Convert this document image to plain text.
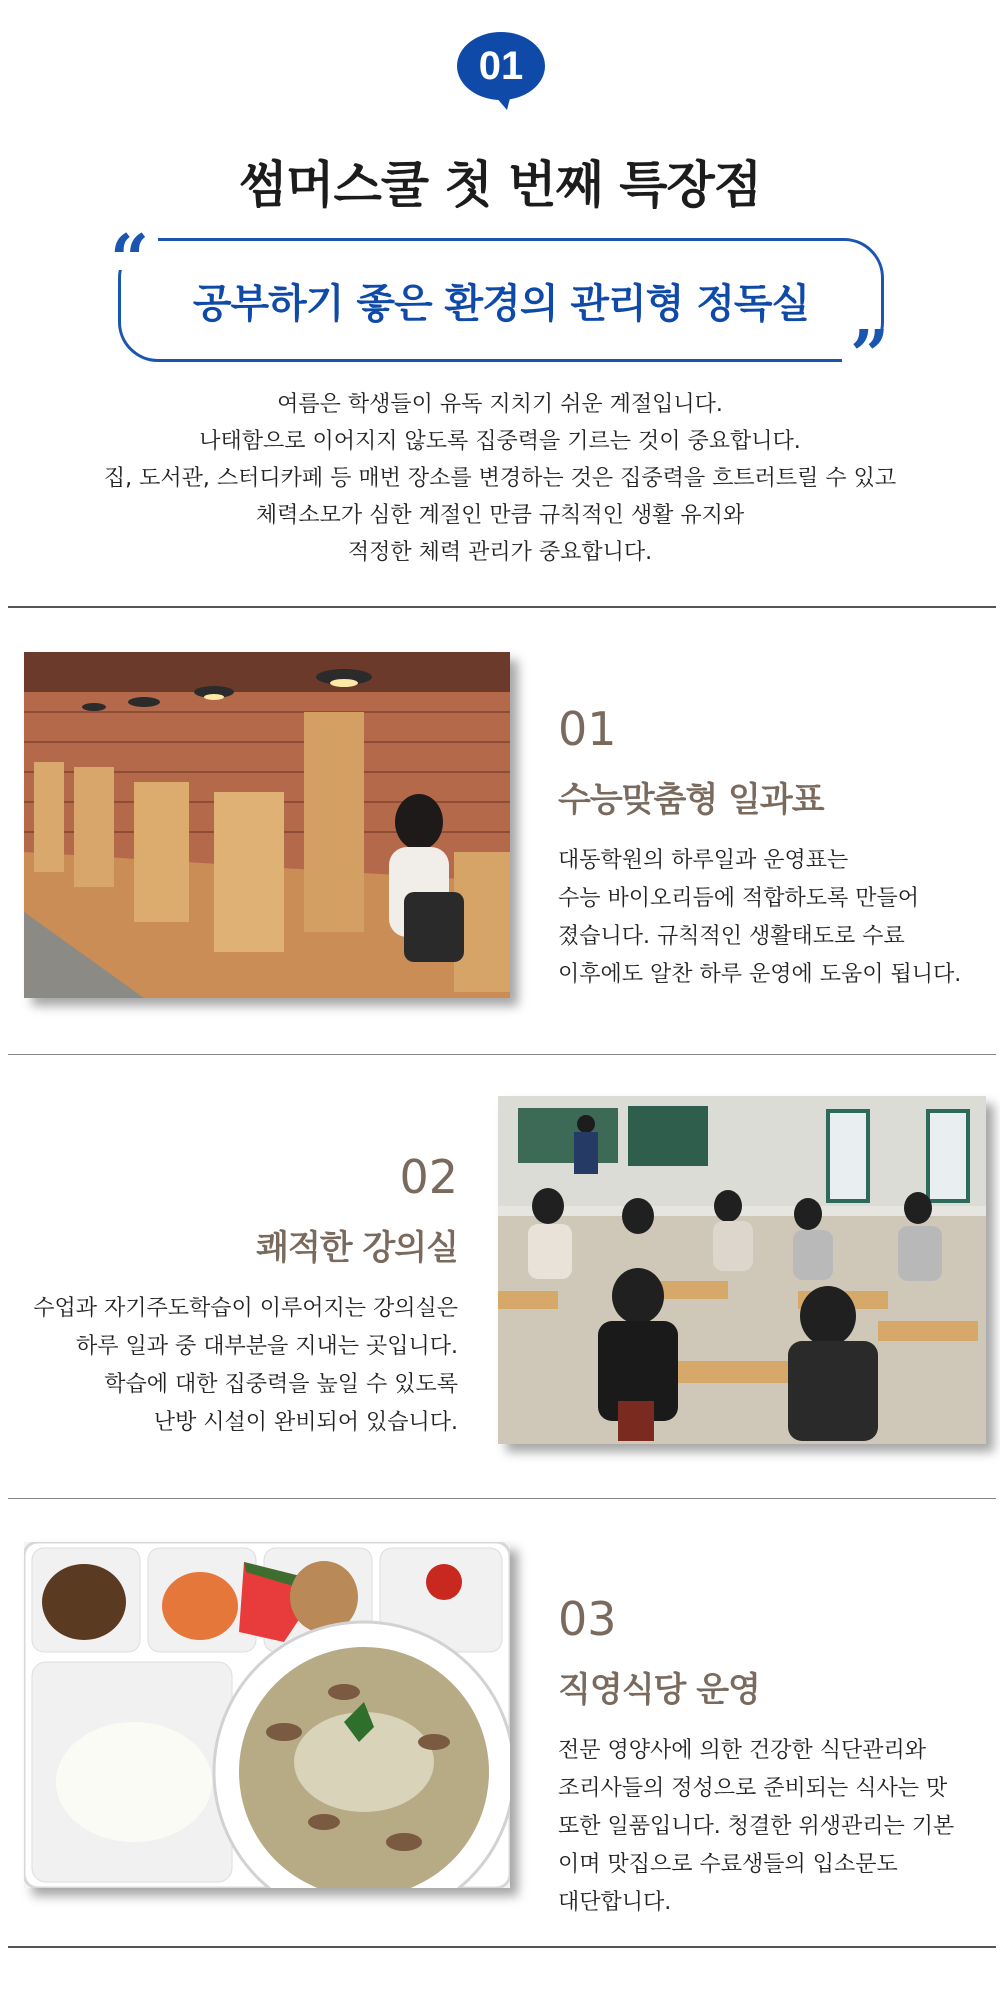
01
썸머스쿨 첫 번째 특장점
“
”
공부하기 좋은 환경의 관리형 정독실
여름은 학생들이 유독 지치기 쉬운 계절입니다.
나태함으로 이어지지 않도록 집중력을 기르는 것이 중요합니다.
집, 도서관, 스터디카페 등 매번 장소를 변경하는 것은 집중력을 흐트러트릴 수 있고
체력소모가 심한 계절인 만큼 규칙적인 생활 유지와
적정한 체력 관리가 중요합니다.
01
수능맞춤형 일과표
대동학원의 하루일과 운영표는
수능 바이오리듬에 적합하도록 만들어
졌습니다. 규칙적인 생활태도로 수료
이후에도 알찬 하루 운영에 도움이 됩니다.
02
쾌적한 강의실
수업과 자기주도학습이 이루어지는 강의실은
하루 일과 중 대부분을 지내는 곳입니다.
학습에 대한 집중력을 높일 수 있도록
난방 시설이 완비되어 있습니다.
03
직영식당 운영
전문 영양사에 의한 건강한 식단관리와
조리사들의 정성으로 준비되는 식사는 맛
또한 일품입니다. 청결한 위생관리는 기본
이며 맛집으로 수료생들의 입소문도
대단합니다.
